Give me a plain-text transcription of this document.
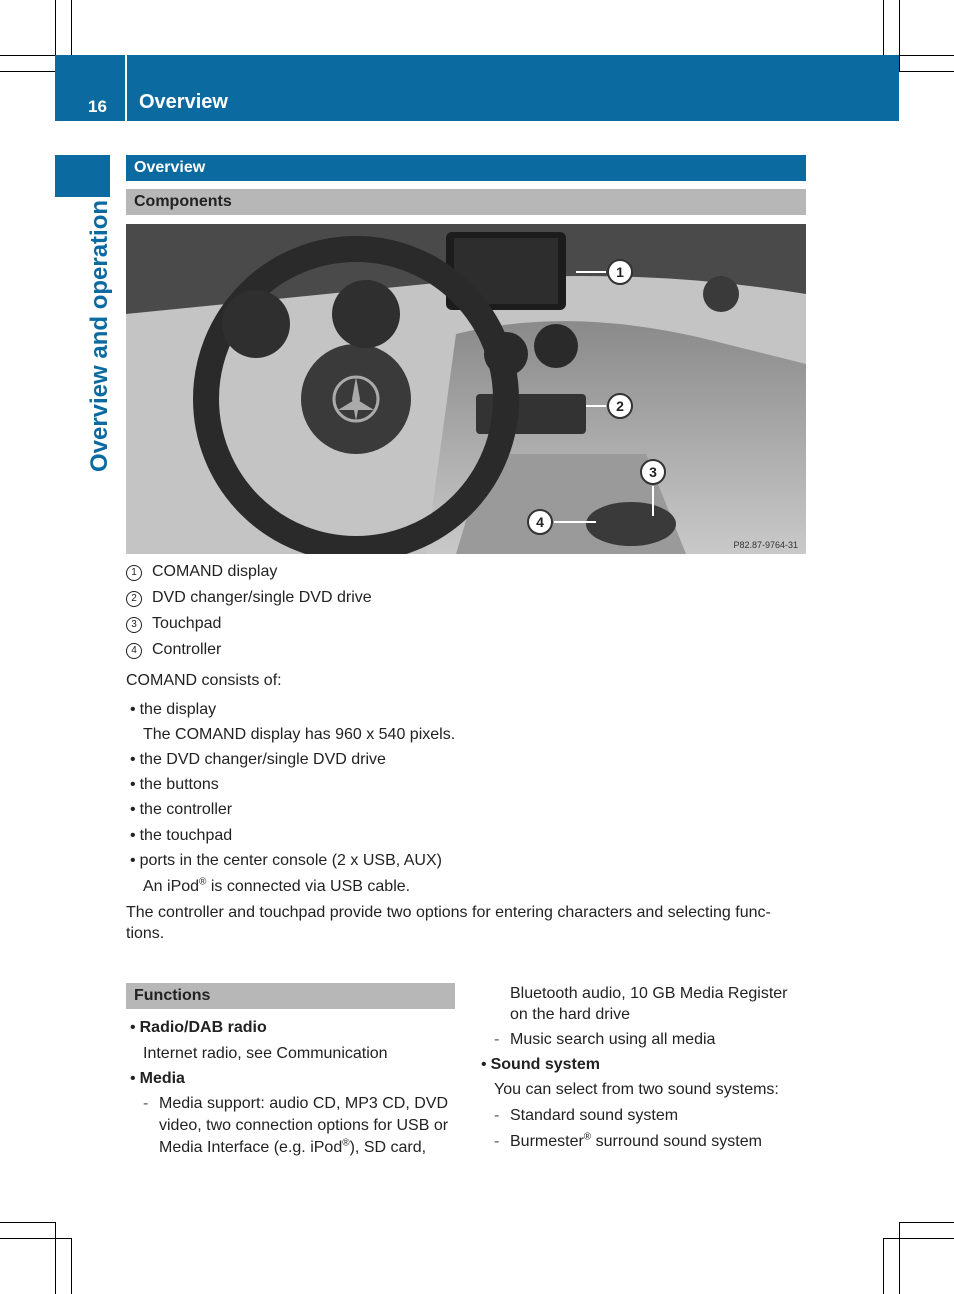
16 Overview
Overview and operation
Overview
Components
1
2
3
4
P82.87-9764-31
1 COMAND display
2 DVD changer/single DVD drive
3 Touchpad
4 Controller
COMAND consists of:
• the display
The COMAND display has 960 x 540 pixels.
• the DVD changer/single DVD drive
• the buttons
• the controller
• the touchpad
• ports in the center console (2 x USB, AUX)
An iPod® is connected via USB cable.
The controller and touchpad provide two options for entering characters and selecting func-
tions.
Functions
• Radio/DAB radio
Internet radio, see Communication
• Media
- Media support: audio CD, MP3 CD, DVD
video, two connection options for USB or
Media Interface (e.g. iPod®), SD card,
Bluetooth audio, 10 GB Media Register
on the hard drive
- Music search using all media
• Sound system
You can select from two sound systems:
- Standard sound system
- Burmester® surround sound system
